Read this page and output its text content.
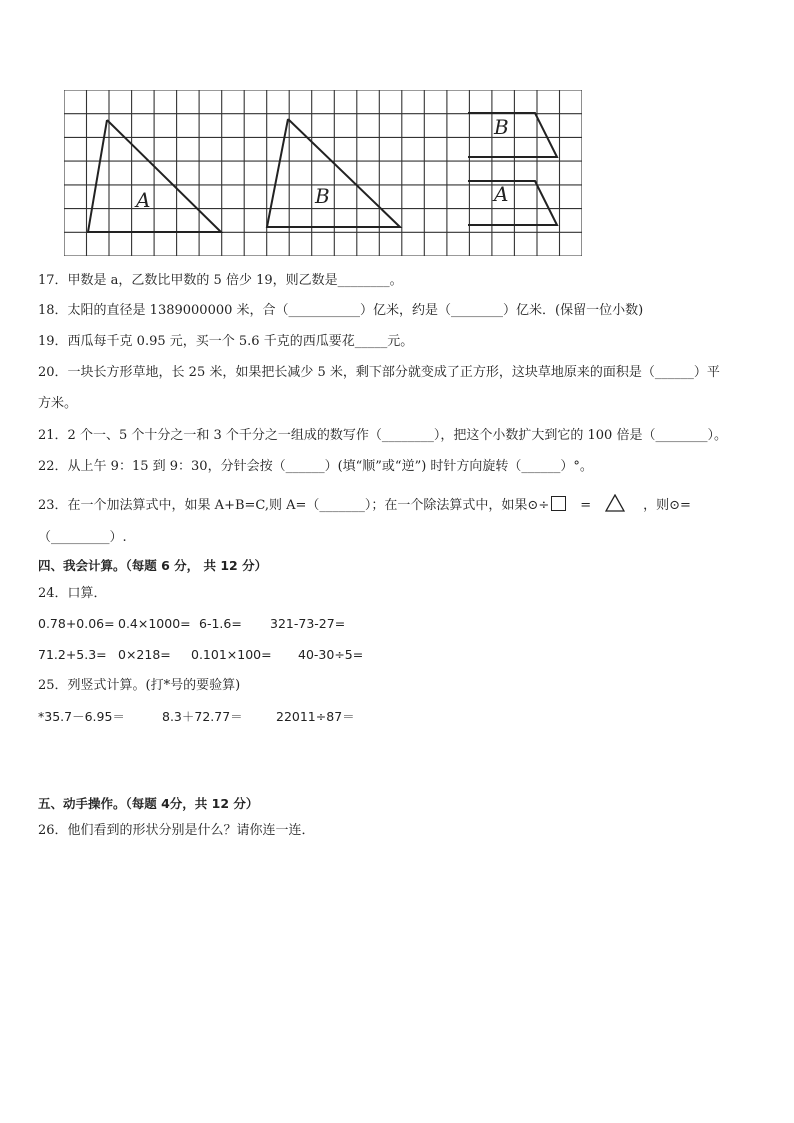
A	B
B
A
17．甲数是 a，乙数比甲数的 5 倍少 19，则乙数是________。
18．太阳的直径是 1389000000 米，合（___________）亿米，约是（________）亿米．(保留一位小数)
19．西瓜每千克 0.95 元，买一个 5.6 千克的西瓜要花_____元。
20．一块长方形草地，长 25 米，如果把长减少 5 米，剩下部分就变成了正方形，这块草地原来的面积是（______）平
方米。
21．2 个一、5 个十分之一和 3 个千分之一组成的数写作（________），把这个小数扩大到它的 100 倍是（________）。
22．从上午 9：15 到 9：30，分针会按（______）(填“顺”或“逆”) 时针方向旋转（______）°。
23．在一个加法算式中，如果 A+B=C,则 A=（_______）；在一个除法算式中，如果⊙÷ =	，则⊙=
（_________）.
四、我会计算。（每题 6 分， 共 12 分）
24．口算．
0.78+0.06= 0.4×1000= 6-1.6= 321-73-27=
71.2+5.3= 0×218= 0.101×100= 40-30÷5=
25．列竖式计算。(打*号的要验算)
*35.7－6.95＝	8.3＋72.77＝	22011÷87＝
五、动手操作。（每题 4分，共 12 分）
26．他们看到的形状分别是什么？请你连一连．
